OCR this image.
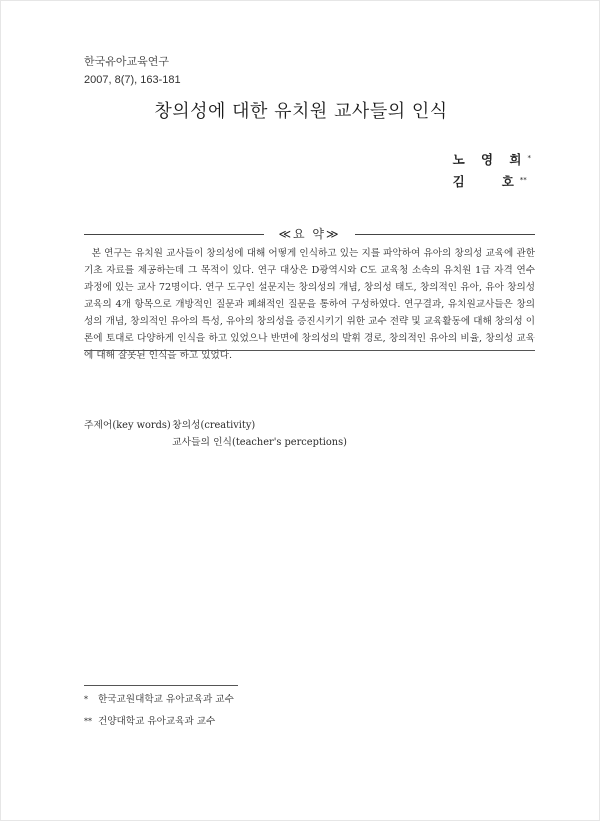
한국유아교육연구
2007, 8(7), 163-181
창의성에 대한 유치원 교사들의 인식
노 영 희*
김   호**
≪요 약≫
본 연구는 유치원 교사들이 창의성에 대해 어떻게 인식하고 있는 지를 파악하여 유아의 창의성 교육에 관한 기초 자료를 제공하는데 그 목적이 있다. 연구 대상은 D광역시와 C도 교육청 소속의 유치원 1급 자격 연수 과정에 있는 교사 72명이다. 연구 도구인 설문지는 창의성의 개념, 창의성 태도, 창의적인 유아, 유아 창의성 교육의 4개 항목으로 개방적인 질문과 폐쇄적인 질문을 통하여 구성하였다. 연구결과, 유치원교사들은 창의성의 개념, 창의적인 유아의 특성, 유아의 창의성을 증진시키기 위한 교수 전략 및 교육활동에 대해 창의성 이론에 토대로 다양하게 인식을 하고 있었으나 반면에 창의성의 발휘 경로, 창의적인 유아의 비율, 창의성 교육에 대해 잘못된 인식을 하고 있었다.
주제어(key words) : 창의성(creativity)
교사들의 인식(teacher's perceptions)
* 한국교원대학교 유아교육과 교수
** 건양대학교 유아교육과 교수
